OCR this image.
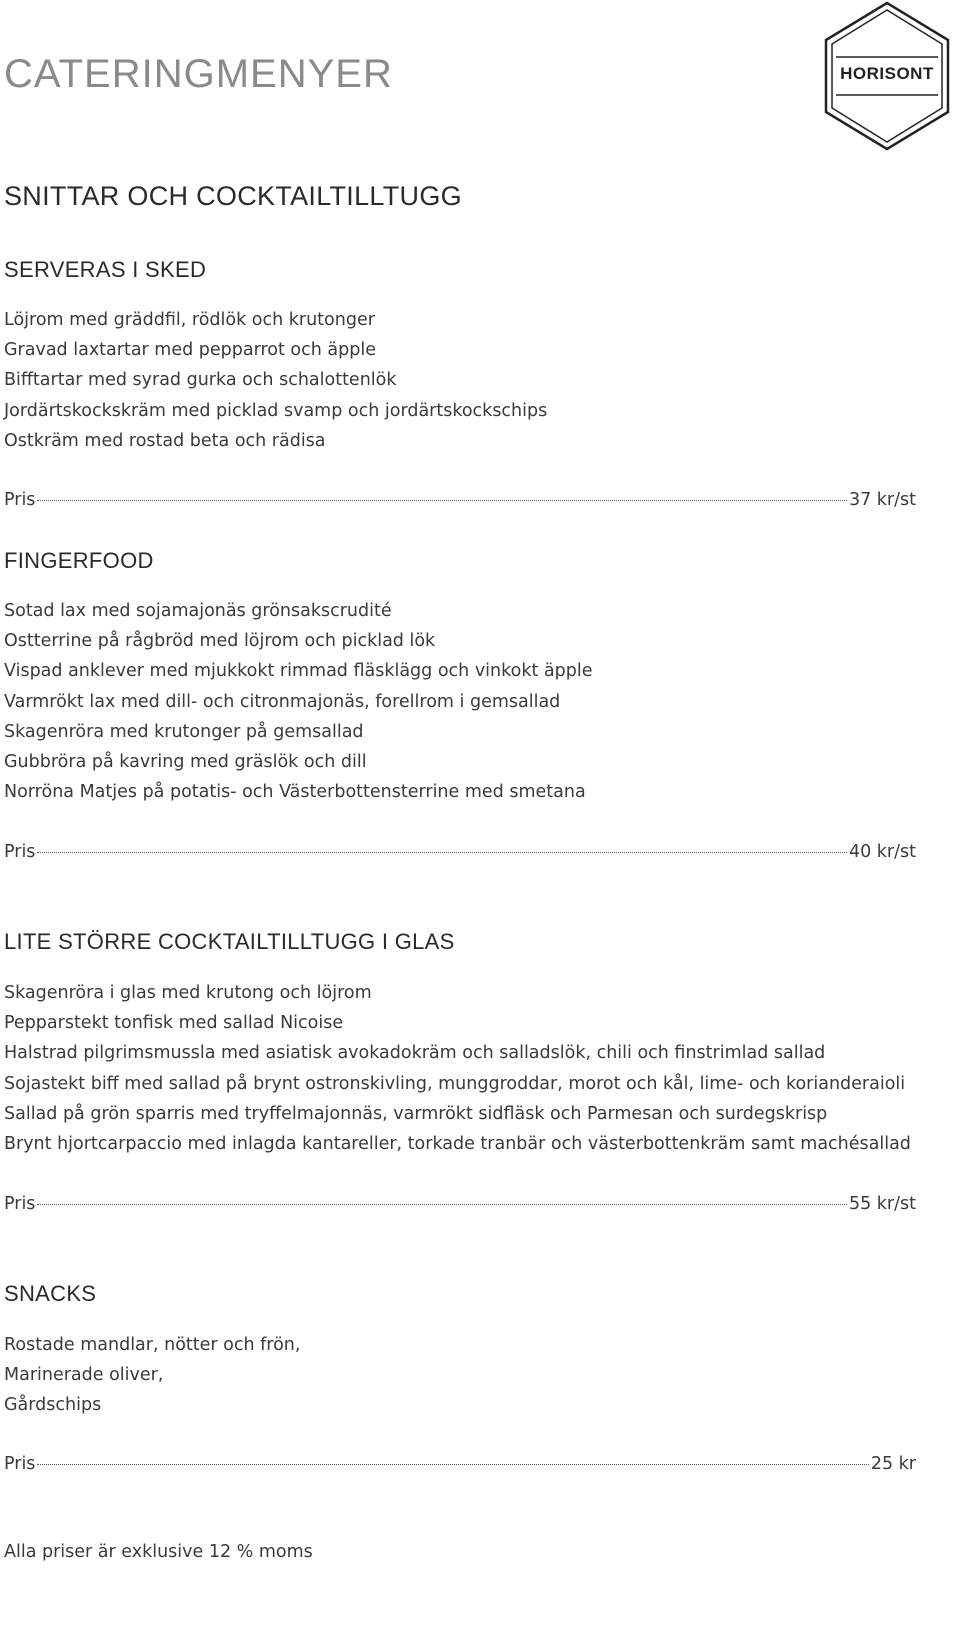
CATERINGMENYER	HORISONT
SNITTAR OCH COCKTAILTILLTUGG
SERVERAS I SKED
Löjrom med gräddfil, rödlök och krutonger
Gravad laxtartar med pepparrot och äpple
Bifftartar med syrad gurka och schalottenlök
Jordärtskockskräm med picklad svamp och jordärtskockschips
Ostkräm med rostad beta och rädisa
Pris	37 kr/st
FINGERFOOD
Sotad lax med sojamajonäs grönsakscrudité
Ostterrine på rågbröd med löjrom och picklad lök
Vispad anklever med mjukkokt rimmad fläsklägg och vinkokt äpple
Varmrökt lax med dill- och citronmajonäs, forellrom i gemsallad
Skagenröra med krutonger på gemsallad
Gubbröra på kavring med gräslök och dill
Norröna Matjes på potatis- och Västerbottensterrine med smetana
Pris	40 kr/st
LITE STÖRRE COCKTAILTILLTUGG I GLAS
Skagenröra i glas med krutong och löjrom
Pepparstekt tonfisk med sallad Nicoise
Halstrad pilgrimsmussla med asiatisk avokadokräm och salladslök, chili och finstrimlad sallad
Sojastekt biff med sallad på brynt ostronskivling, munggroddar, morot och kål, lime- och korianderaioli
Sallad på grön sparris med tryffelmajonnäs, varmrökt sidfläsk och Parmesan och surdegskrisp
Brynt hjortcarpaccio med inlagda kantareller, torkade tranbär och västerbottenkräm samt machésallad
Pris	55 kr/st
SNACKS
Rostade mandlar, nötter och frön,
Marinerade oliver,
Gårdschips
Pris	25 kr
Alla priser är exklusive 12 % moms
